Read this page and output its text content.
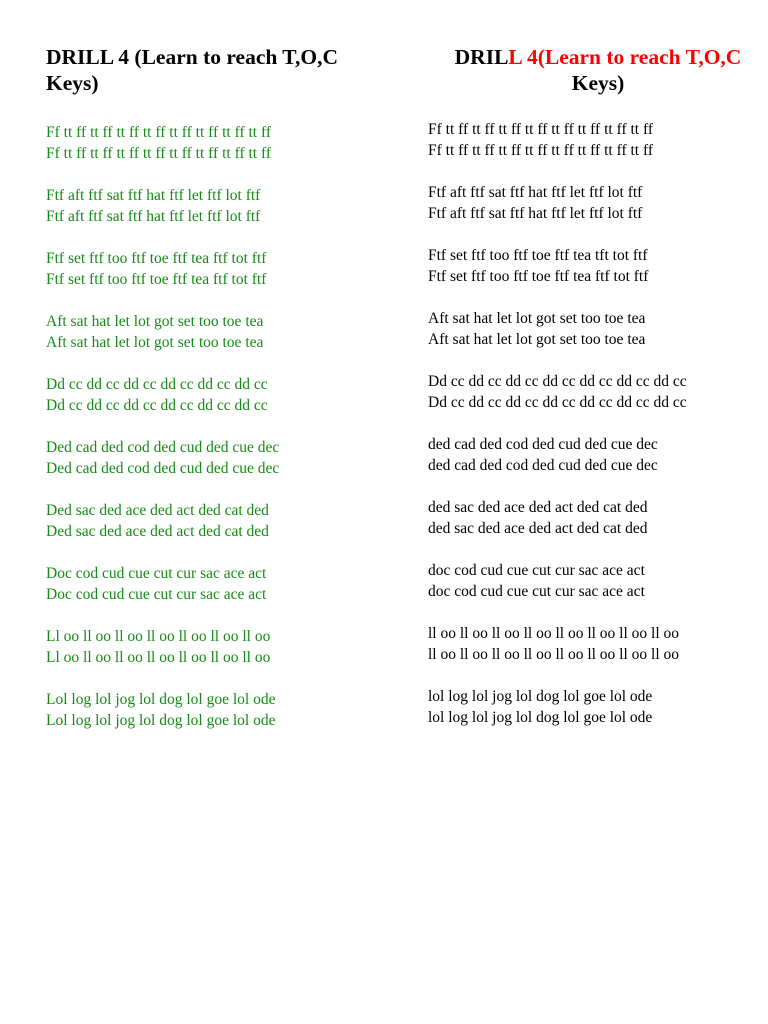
DRILL 4 (Learn to reach T,O,C
Keys)
Ff tt ff tt ff tt ff tt ff tt ff tt ff tt ff tt ff
Ff tt ff tt ff tt ff tt ff tt ff tt ff tt ff tt ff
Ftf aft ftf sat ftf hat ftf let ftf lot ftf
Ftf aft ftf sat ftf hat ftf let ftf lot ftf
Ftf set ftf too ftf toe ftf tea ftf tot ftf
Ftf set ftf too ftf toe ftf tea ftf tot ftf
Aft sat hat let lot got set too toe tea
Aft sat hat let lot got set too toe tea
Dd cc dd cc dd cc dd cc dd cc dd cc
Dd cc dd cc dd cc dd cc dd cc dd cc
Ded cad ded cod ded cud ded cue dec
Ded cad ded cod ded cud ded cue dec
Ded sac ded ace ded act ded cat ded
Ded sac ded ace ded act ded cat ded
Doc cod cud cue cut cur sac ace act
Doc cod cud cue cut cur sac ace act
Ll oo ll oo ll oo ll oo ll oo ll oo ll oo
Ll oo ll oo ll oo ll oo ll oo ll oo ll oo
Lol log lol jog lol dog lol goe lol ode
Lol log lol jog lol dog lol goe lol ode
DRILL 4(Learn to reach T,O,C
Keys)
Ff tt ff tt ff tt ff tt ff tt ff tt ff tt ff tt ff
Ff tt ff tt ff tt ff tt ff tt ff tt ff tt ff tt ff
Ftf aft ftf sat ftf hat ftf let ftf lot ftf
Ftf aft ftf sat ftf hat ftf let ftf lot ftf
Ftf set ftf too ftf toe ftf tea tft tot ftf
Ftf set ftf too ftf toe ftf tea ftf tot ftf
Aft sat hat let lot got set too toe tea
Aft sat hat let lot got set too toe tea
Dd cc dd cc dd cc dd cc dd cc dd cc dd cc
Dd cc dd cc dd cc dd cc dd cc dd cc dd cc
ded cad ded cod ded cud ded cue dec
ded cad ded cod ded cud ded cue dec
ded sac ded ace ded act ded cat ded
ded sac ded ace ded act ded cat ded
doc cod cud cue cut cur sac ace act
doc cod cud cue cut cur sac ace act
ll oo ll oo ll oo ll oo ll oo ll oo ll oo ll oo
ll oo ll oo ll oo ll oo ll oo ll oo ll oo ll oo
lol log lol jog lol dog lol goe lol ode
lol log lol jog lol dog lol goe lol ode
